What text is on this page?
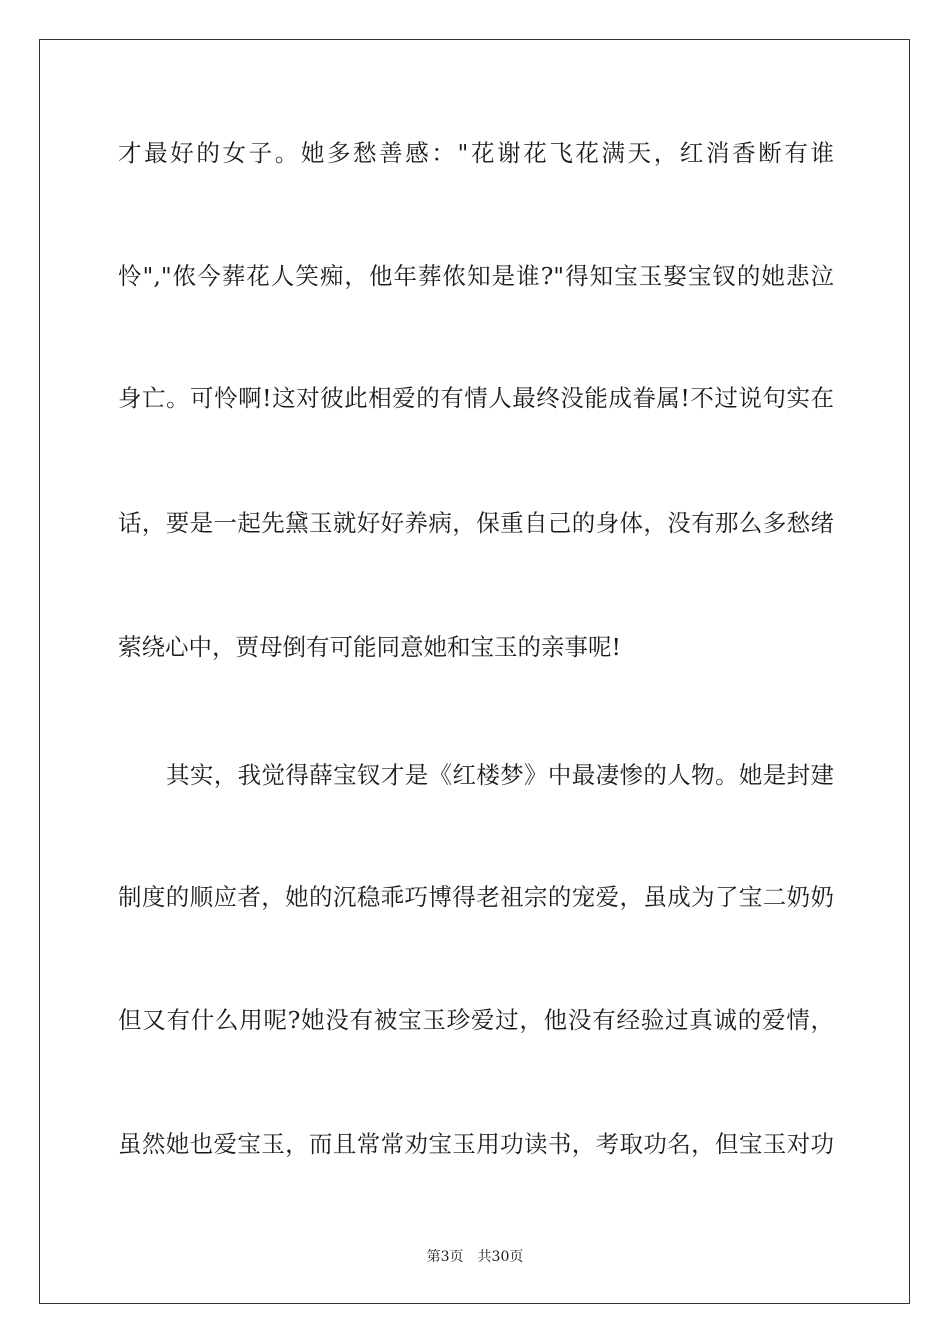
才最好的女子。她多愁善感："花谢花飞花满天，红消香断有谁
怜","侬今葬花人笑痴，他年葬侬知是谁?"得知宝玉娶宝钗的她悲泣
身亡。可怜啊!这对彼此相爱的有情人最终没能成眷属!不过说句实在
话，要是一起先黛玉就好好养病，保重自己的身体，没有那么多愁绪
萦绕心中，贾母倒有可能同意她和宝玉的亲事呢!
其实，我觉得薛宝钗才是《红楼梦》中最凄惨的人物。她是封建
制度的顺应者，她的沉稳乖巧博得老祖宗的宠爱，虽成为了宝二奶奶
但又有什么用呢?她没有被宝玉珍爱过，他没有经验过真诚的爱情，
虽然她也爱宝玉，而且常常劝宝玉用功读书，考取功名，但宝玉对功
第3页 共30页
